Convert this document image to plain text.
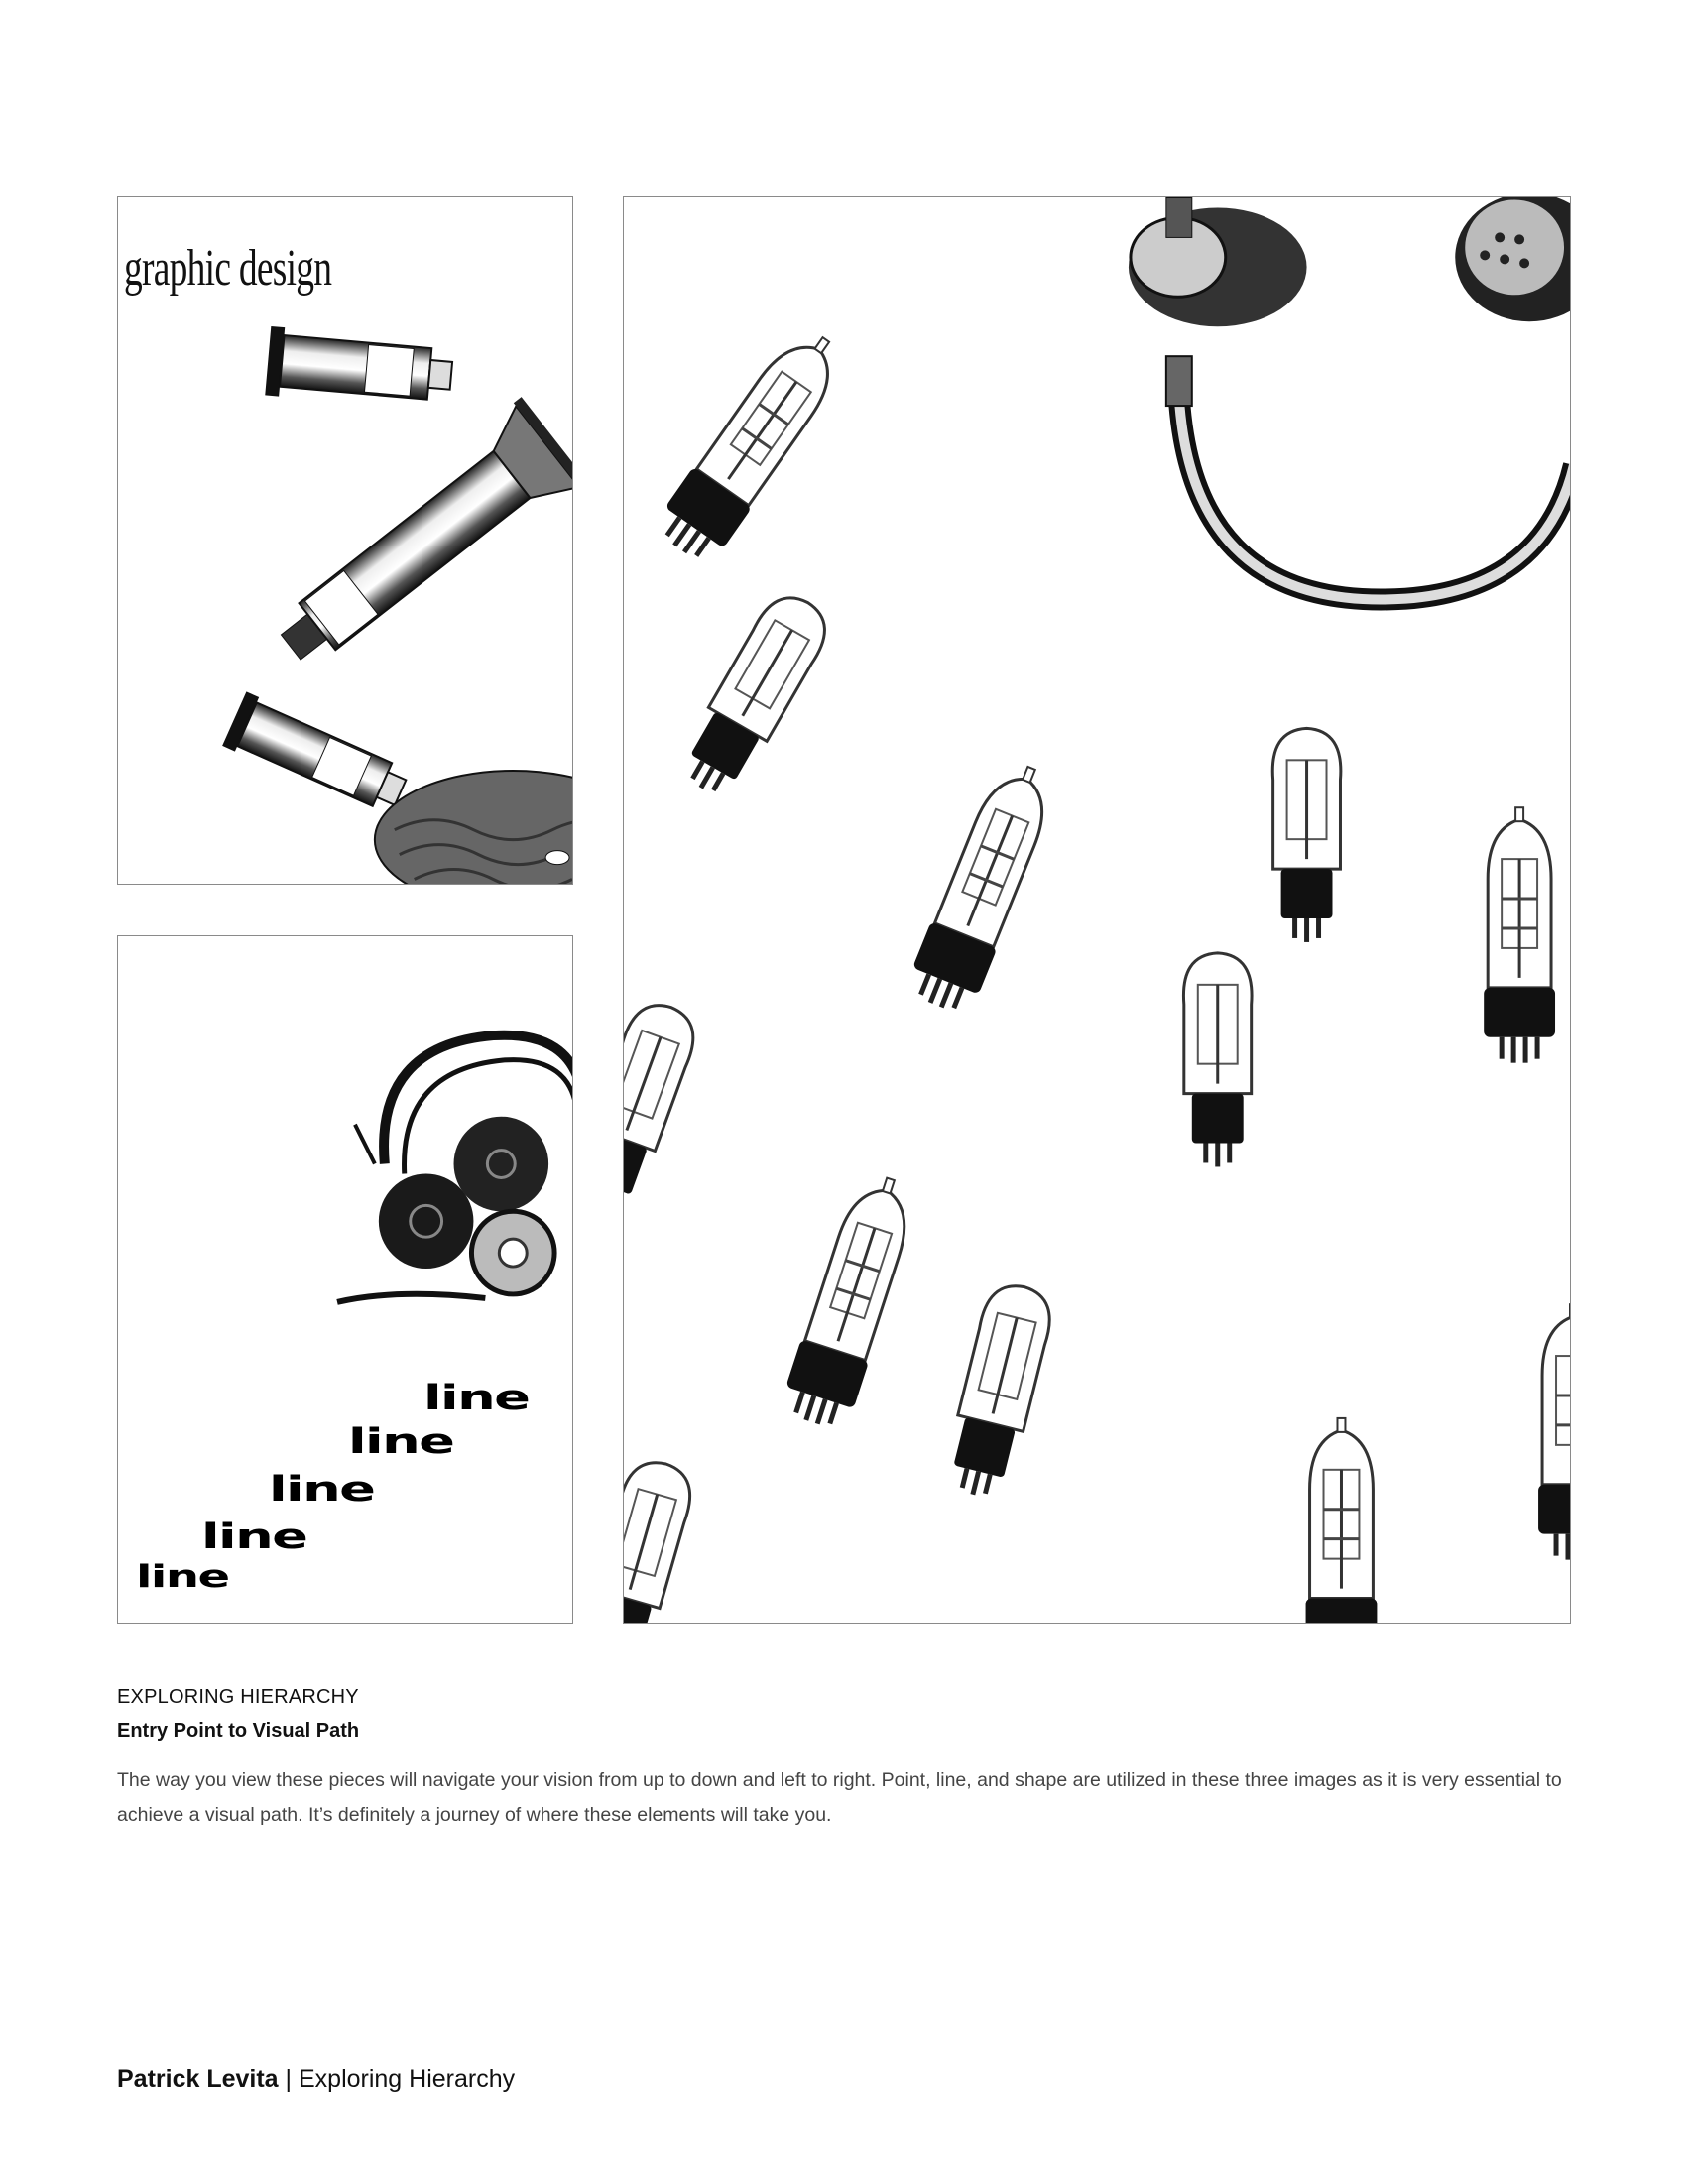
graphic design
line
line
line
line
line
EXPLORING HIERARCHY
Entry Point to Visual Path

The way you view these pieces will navigate your vision from up to down and left to right. Point, line, and shape are utilized in these three images as it is very essential to achieve a visual path. It’s definitely a journey of where these elements will take you.

Patrick Levita | Exploring Hierarchy
